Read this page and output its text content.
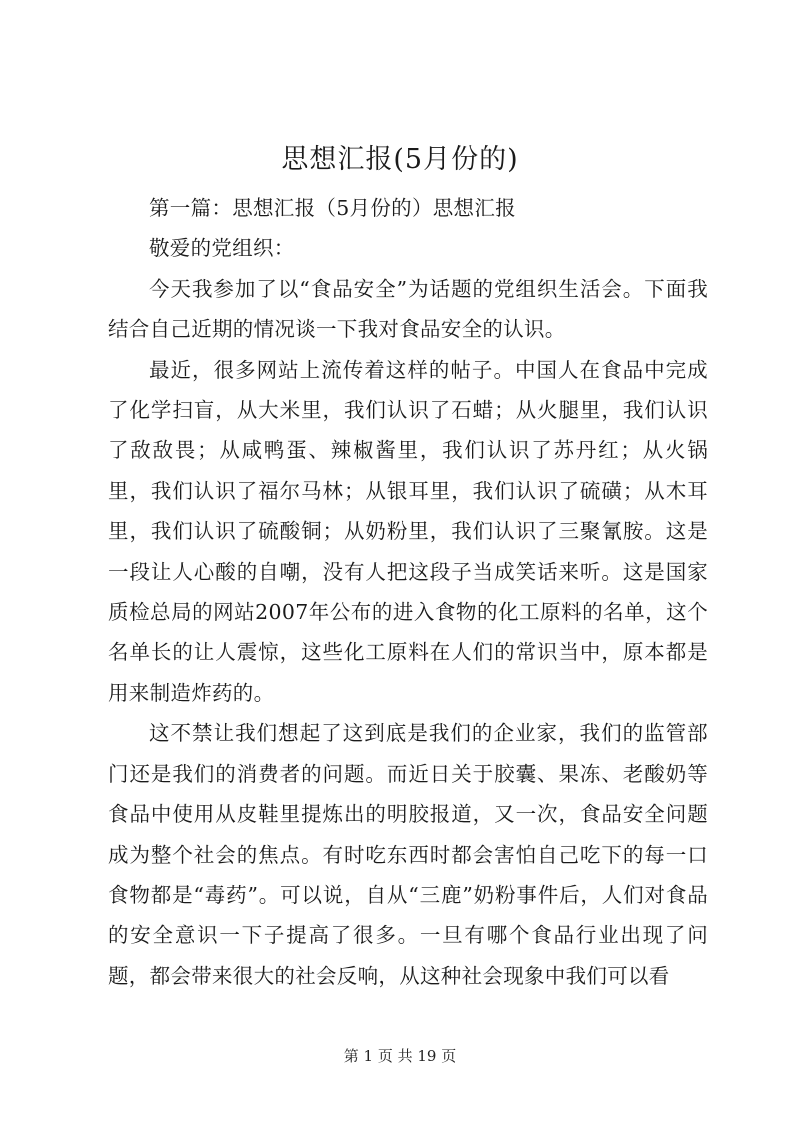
思想汇报(5月份的)

第一篇：思想汇报（5月份的）思想汇报

敬爱的党组织：

今天我参加了以“食品安全”为话题的党组织生活会。下面我结合自己近期的情况谈一下我对食品安全的认识。

最近，很多网站上流传着这样的帖子。中国人在食品中完成了化学扫盲，从大米里，我们认识了石蜡；从火腿里，我们认识了敌敌畏；从咸鸭蛋、辣椒酱里，我们认识了苏丹红；从火锅里，我们认识了福尔马林；从银耳里，我们认识了硫磺；从木耳里，我们认识了硫酸铜；从奶粉里，我们认识了三聚氰胺。这是一段让人心酸的自嘲，没有人把这段子当成笑话来听。这是国家质检总局的网站2007年公布的进入食物的化工原料的名单，这个名单长的让人震惊，这些化工原料在人们的常识当中，原本都是用来制造炸药的。

这不禁让我们想起了这到底是我们的企业家，我们的监管部门还是我们的消费者的问题。而近日关于胶囊、果冻、老酸奶等食品中使用从皮鞋里提炼出的明胶报道，又一次，食品安全问题成为整个社会的焦点。有时吃东西时都会害怕自己吃下的每一口食物都是“毒药”。可以说，自从“三鹿”奶粉事件后，人们对食品的安全意识一下子提高了很多。一旦有哪个食品行业出现了问题，都会带来很大的社会反响，从这种社会现象中我们可以看

第 1 页 共 19 页
